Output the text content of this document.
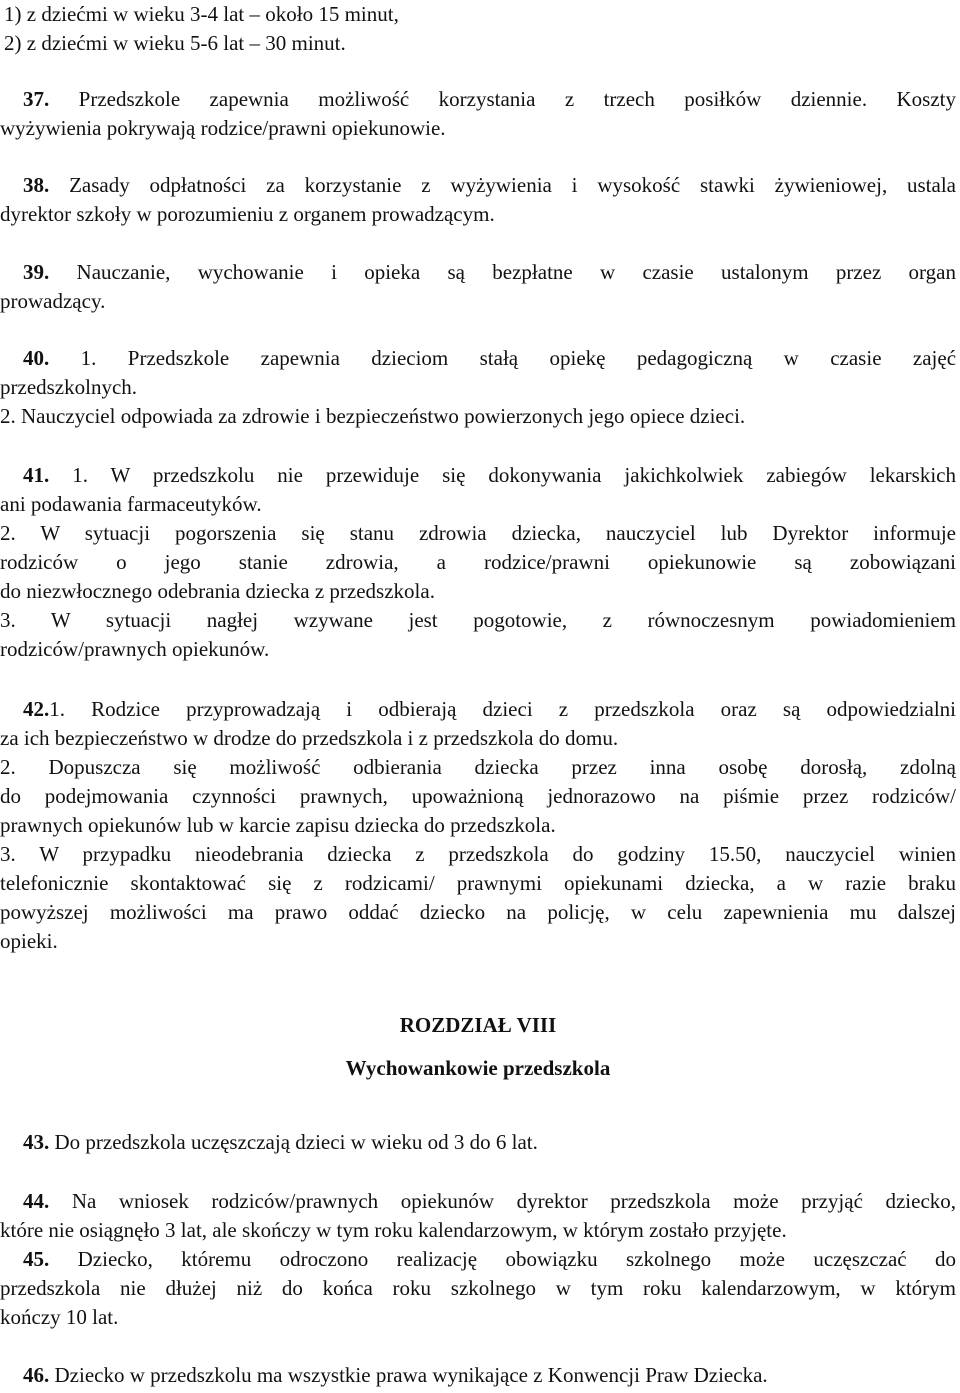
1) z dziećmi w wieku 3-4 lat – około 15 minut,

2) z dziećmi w wieku 5-6 lat – 30 minut.

37. Przedszkole zapewnia możliwość korzystania z trzech posiłków dziennie. Koszty

wyżywienia pokrywają rodzice/prawni opiekunowie.

38. Zasady odpłatności za korzystanie z wyżywienia i wysokość stawki żywieniowej, ustala

dyrektor szkoły w porozumieniu z organem prowadzącym.

39. Nauczanie, wychowanie i opieka są bezpłatne w czasie ustalonym przez organ

prowadzący.

40. 1. Przedszkole zapewnia dzieciom stałą opiekę pedagogiczną w czasie zajęć

przedszkolnych.

2. Nauczyciel odpowiada za zdrowie i bezpieczeństwo powierzonych jego opiece dzieci.

41. 1. W przedszkolu nie przewiduje się dokonywania jakichkolwiek zabiegów lekarskich

ani podawania farmaceutyków.

2. W sytuacji pogorszenia się stanu zdrowia dziecka, nauczyciel lub Dyrektor informuje

rodziców o jego stanie zdrowia, a rodzice/prawni opiekunowie są zobowiązani

do niezwłocznego odebrania dziecka z przedszkola.

3. W sytuacji nagłej wzywane jest pogotowie, z równoczesnym powiadomieniem

rodziców/prawnych opiekunów.

42.1. Rodzice przyprowadzają i odbierają dzieci z przedszkola oraz są odpowiedzialni

za ich bezpieczeństwo w drodze do przedszkola i z przedszkola do domu.

2. Dopuszcza się możliwość odbierania dziecka przez inna osobę dorosłą, zdolną

do podejmowania czynności prawnych, upoważnioną jednorazowo na piśmie przez rodziców/

prawnych opiekunów lub w karcie zapisu dziecka do przedszkola.

3. W przypadku nieodebrania dziecka z przedszkola do godziny 15.50, nauczyciel winien

telefonicznie skontaktować się z rodzicami/ prawnymi opiekunami dziecka, a w razie braku

powyższej możliwości ma prawo oddać dziecko na policję, w celu zapewnienia mu dalszej

opieki.

ROZDZIAŁ VIII

Wychowankowie przedszkola

43. Do przedszkola uczęszczają dzieci w wieku od 3 do 6 lat.

44. Na wniosek rodziców/prawnych opiekunów dyrektor przedszkola może przyjąć dziecko,

które nie osiągnęło 3 lat, ale skończy w tym roku kalendarzowym, w którym zostało przyjęte.

45. Dziecko, któremu odroczono realizację obowiązku szkolnego może uczęszczać do

przedszkola nie dłużej niż do końca roku szkolnego w tym roku kalendarzowym, w którym

kończy 10 lat.

46. Dziecko w przedszkolu ma wszystkie prawa wynikające z Konwencji Praw Dziecka.
